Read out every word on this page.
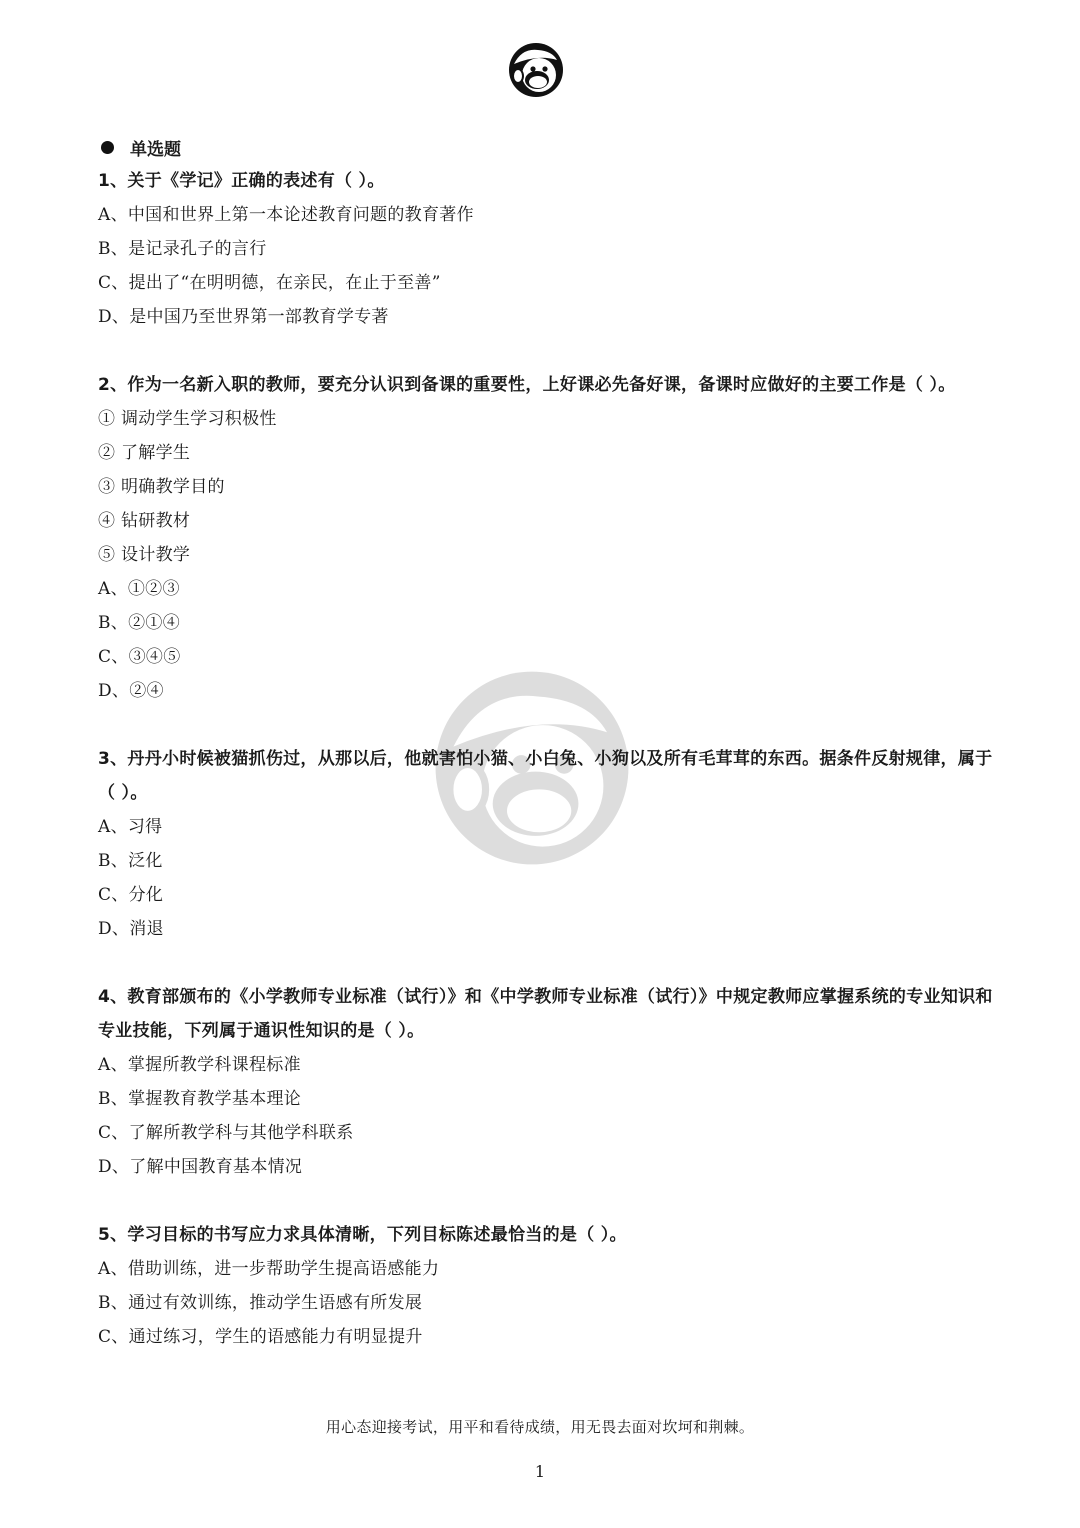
单选题
1、关于《学记》正确的表述有（ ）。
A、中国和世界上第一本论述教育问题的教育著作
B、是记录孔子的言行
C、提出了“在明明德，在亲民，在止于至善”
D、是中国乃至世界第一部教育学专著
2、作为一名新入职的教师，要充分认识到备课的重要性，上好课必先备好课，备课时应做好的主要工作是（ ）。
① 调动学生学习积极性
② 了解学生
③ 明确教学目的
④ 钻研教材
⑤ 设计教学
A、①②③
B、②①④
C、③④⑤
D、②④
3、丹丹小时候被猫抓伤过，从那以后，他就害怕小猫、小白兔、小狗以及所有毛茸茸的东西。据条件反射规律，属于（ ）。
A、习得
B、泛化
C、分化
D、消退
4、教育部颁布的《小学教师专业标准（试行）》和《中学教师专业标准（试行）》中规定教师应掌握系统的专业知识和专业技能，下列属于通识性知识的是（ ）。
A、掌握所教学科课程标准
B、掌握教育教学基本理论
C、了解所教学科与其他学科联系
D、了解中国教育基本情况
5、学习目标的书写应力求具体清晰，下列目标陈述最恰当的是（ ）。
A、借助训练，进一步帮助学生提高语感能力
B、通过有效训练，推动学生语感有所发展
C、通过练习，学生的语感能力有明显提升
用心态迎接考试，用平和看待成绩，用无畏去面对坎坷和荆棘。
1
